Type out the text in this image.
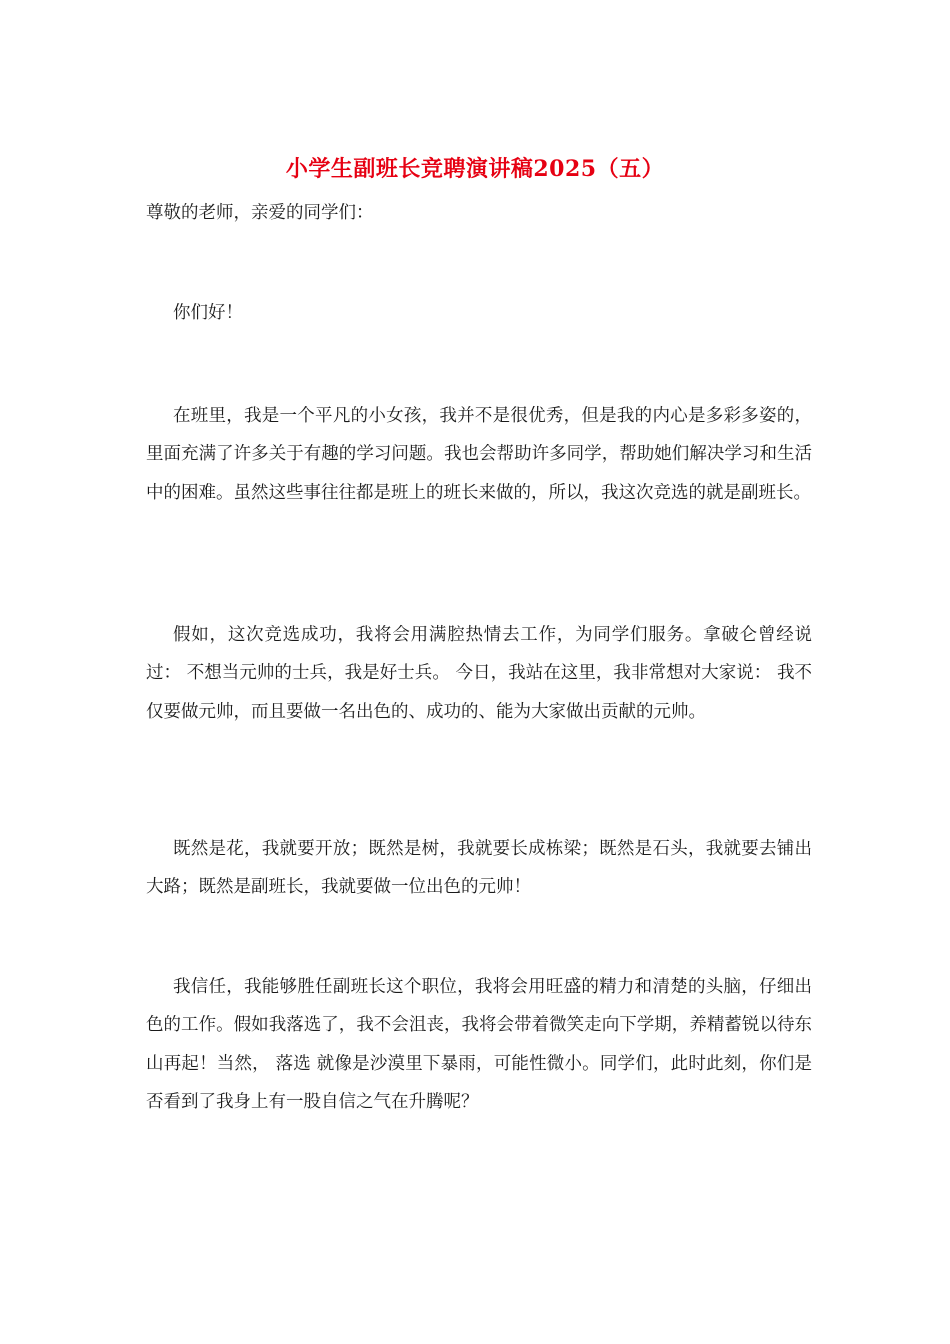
小学生副班长竞聘演讲稿2025（五）
尊敬的老师，亲爱的同学们：

你们好！

在班里，我是一个平凡的小女孩，我并不是很优秀，但是我的内心是多彩多姿的，里面充满了许多关于有趣的学习问题。我也会帮助许多同学，帮助她们解决学习和生活中的困难。虽然这些事往往都是班上的班长来做的，所以，我这次竞选的就是副班长。

假如，这次竞选成功，我将会用满腔热情去工作，为同学们服务。拿破仑曾经说过： 不想当元帅的士兵，我是好士兵。 今日，我站在这里，我非常想对大家说： 我不仅要做元帅，而且要做一名出色的、成功的、能为大家做出贡献的元帅。

既然是花，我就要开放；既然是树，我就要长成栋梁；既然是石头，我就要去铺出大路；既然是副班长，我就要做一位出色的元帅！

我信任，我能够胜任副班长这个职位，我将会用旺盛的精力和清楚的头脑，仔细出色的工作。假如我落选了，我不会沮丧，我将会带着微笑走向下学期，养精蓄锐以待东山再起！当然， 落选 就像是沙漠里下暴雨，可能性微小。同学们，此时此刻，你们是否看到了我身上有一股自信之气在升腾呢？
